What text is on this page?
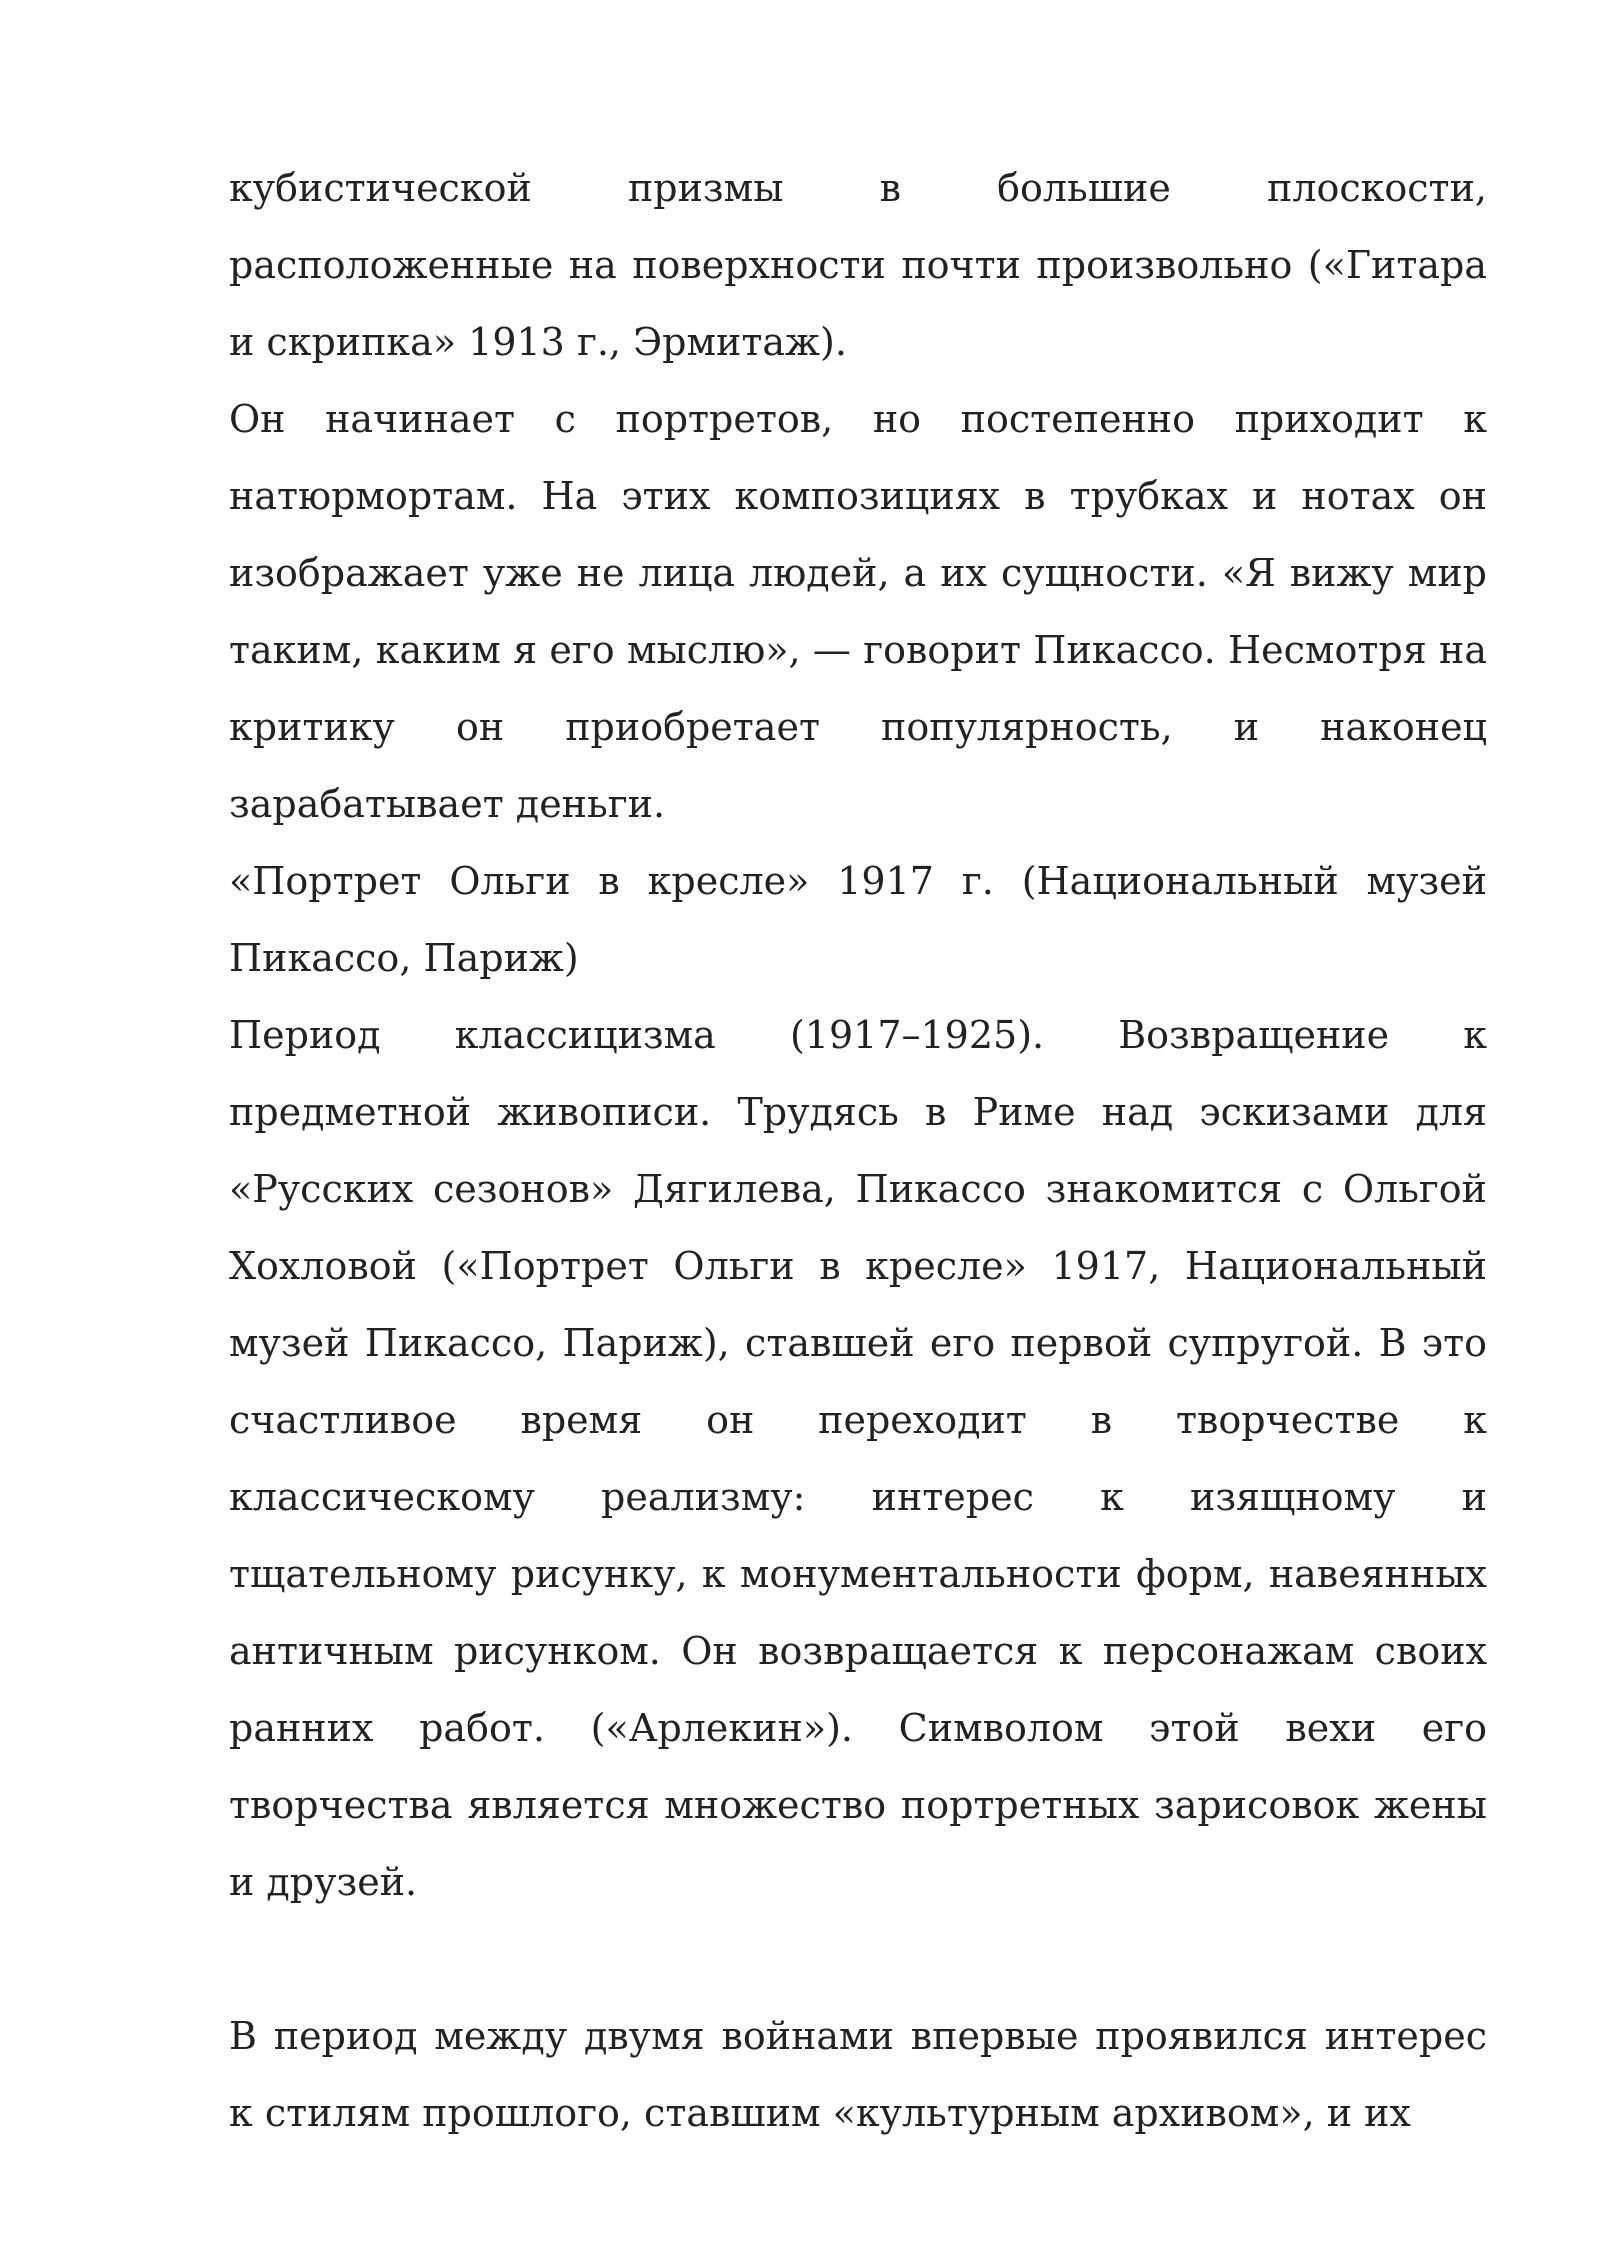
кубистической призмы в большие плоскости, расположенные на поверхности почти произвольно («Гитара и скрипка» 1913 г., Эрмитаж).

Он начинает с портретов, но постепенно приходит к натюрмортам. На этих композициях в трубках и нотах он изображает уже не лица людей, а их сущности. «Я вижу мир таким, каким я его мыслю», — говорит Пикассо. Несмотря на критику он приобретает популярность, и наконец зарабатывает деньги.

«Портрет Ольги в кресле» 1917 г. (Национальный музей Пикассо, Париж)

Период классицизма (1917–1925). Возвращение к предметной живописи. Трудясь в Риме над эскизами для «Русских сезонов» Дягилева, Пикассо знакомится с Ольгой Хохловой («Портрет Ольги в кресле» 1917, Национальный музей Пикассо, Париж), ставшей его первой супругой. В это счастливое время он переходит в творчестве к классическому реализму: интерес к изящному и тщательному рисунку, к монументальности форм, навеянных античным рисунком. Он возвращается к персонажам своих ранних работ. («Арлекин»). Символом этой вехи его творчества является множество портретных зарисовок жены и друзей.

В период между двумя войнами впервые проявился интерес к стилям прошлого, ставшим «культурным архивом», и их
